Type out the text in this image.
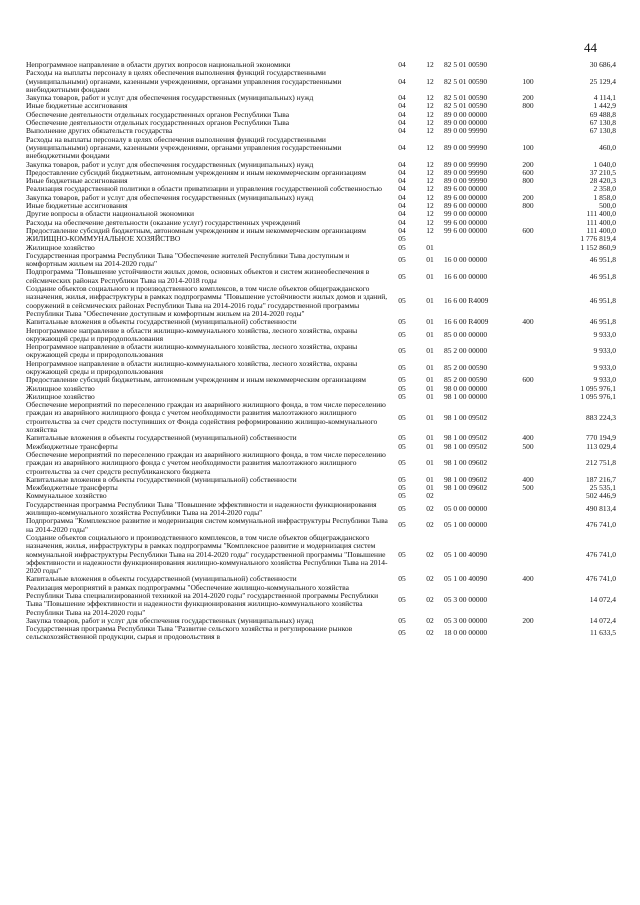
44
Непрограммное направление в области других вопросов национальной экономики	04	12	82 5 01 00590		30 686,4
Расходы на выплаты персоналу в целях обеспечения выполнения функций государственными (муниципальными) органами, казенными учреждениями, органами управления государственными внебюджетными фондами	04	12	82 5 01 00590	100	25 129,4
Закупка товаров, работ и услуг для обеспечения государственных (муниципальных) нужд	04	12	82 5 01 00590	200	4 114,1
Иные бюджетные ассигнования	04	12	82 5 01 00590	800	1 442,9
Обеспечение деятельности отдельных государственных органов Республики Тыва	04	12	89 0 00 00000		69 488,8
Обеспечение деятельности отдельных государственных органов Республики Тыва	04	12	89 0 00 00000		67 130,8
Выполнение других обязательств государства	04	12	89 0 00 99990		67 130,8
Расходы на выплаты персоналу в целях обеспечения выполнения функций государственными (муниципальными) органами, казенными учреждениями, органами управления государственными внебюджетными фондами	04	12	89 0 00 99990	100	460,0
Закупка товаров, работ и услуг для обеспечения государственных (муниципальных) нужд	04	12	89 0 00 99990	200	1 040,0
Предоставление субсидий бюджетным, автономным учреждениям и иным некоммерческим организациям	04	12	89 0 00 99990	600	37 210,5
Иные бюджетные ассигнования	04	12	89 0 00 99990	800	28 420,3
Реализация государственной политики в области приватизации и управления государственной собственностью	04	12	89 6 00 00000		2 358,0
Закупка товаров, работ и услуг для обеспечения государственных (муниципальных) нужд	04	12	89 6 00 00000	200	1 858,0
Иные бюджетные ассигнования	04	12	89 6 00 00000	800	500,0
Другие вопросы в области национальной экономики	04	12	99 0 00 00000		111 400,0
Расходы на обеспечение деятельности (оказание услуг) государственных учреждений	04	12	99 6 00 00000		111 400,0
Предоставление субсидий бюджетным, автономным учреждениям и иным некоммерческим организациям	04	12	99 6 00 00000	600	111 400,0
ЖИЛИЩНО-КОММУНАЛЬНОЕ ХОЗЯЙСТВО	05				1 776 819,4
Жилищное хозяйство	05	01			1 152 860,9
Государственная программа Республики Тыва "Обеспечение жителей Республики Тыва доступным и комфортным жильем на 2014-2020 годы"	05	01	16 0 00 00000		46 951,8
Подпрограмма "Повышение устойчивости жилых домов, основных объектов и систем жизнеобеспечения в сейсмических районах Республики Тыва на 2014-2018 годы	05	01	16 6 00 00000		46 951,8
Создание объектов социального и производственного комплексов, в том числе объектов общегражданского назначения, жилья, инфраструктуры в рамках подпрограммы "Повышение устойчивости жилых домов и зданий, сооружений в сейсмических районах Республики Тыва на 2014-2016 годы" государственной программы Республики Тыва "Обеспечение доступным и комфортным жильем на 2014-2020 годы"	05	01	16 6 00 R4009		46 951,8
Капитальные вложения в объекты государственной (муниципальной) собственности	05	01	16 6 00 R4009	400	46 951,8
Непрограммное направление в области жилищно-коммунального хозяйства, лесного хозяйства, охраны окружающей среды и природопользования	05	01	85 0 00 00000		9 933,0
Непрограммное направление в области жилищно-коммунального хозяйства, лесного хозяйства, охраны окружающей среды и природопользования	05	01	85 2 00 00000		9 933,0
Непрограммное направление в области жилищно-коммунального хозяйства, лесного хозяйства, охраны окружающей среды и природопользования	05	01	85 2 00 00590		9 933,0
Предоставление субсидий бюджетным, автономным учреждениям и иным некоммерческим организациям	05	01	85 2 00 00590	600	9 933,0
Жилищное хозяйство	05	01	98 0 00 00000		1 095 976,1
Жилищное хозяйство	05	01	98 1 00 00000		1 095 976,1
Обеспечение мероприятий по переселению граждан из аварийного жилищного фонда, в том числе переселению граждан из аварийного жилищного фонда с учетом необходимости развития малоэтажного жилищного строительства за счет средств поступивших от Фонда содействия реформированию жилищно-коммунального хозяйства	05	01	98 1 00 09502		883 224,3
Капитальные вложения в объекты государственной (муниципальной) собственности	05	01	98 1 00 09502	400	770 194,9
Межбюджетные трансферты	05	01	98 1 00 09502	500	113 029,4
Обеспечение мероприятий по переселению граждан из аварийного жилищного фонда, в том числе переселению граждан из аварийного жилищного фонда с учетом необходимости развития малоэтажного жилищного строительства за счет средств республиканского бюджета	05	01	98 1 00 09602		212 751,8
Капитальные вложения в объекты государственной (муниципальной) собственности	05	01	98 1 00 09602	400	187 216,7
Межбюджетные трансферты	05	01	98 1 00 09602	500	25 535,1
Коммунальное хозяйство	05	02			502 446,9
Государственная программа Республики Тыва "Повышение эффективности и надежности функционирования жилищно-коммунального хозяйства Республики Тыва на 2014-2020 годы"	05	02	05 0 00 00000		490 813,4
Подпрограмма "Комплексное развитие и модернизация систем коммунальной инфраструктуры Республики Тыва на 2014-2020 годы"	05	02	05 1 00 00000		476 741,0
Создание объектов социального и производственного комплексов, в том числе объектов общегражданского назначения, жилья, инфраструктуры в рамках подпрограммы "Комплексное развитие и модернизация систем коммунальной инфраструктуры Республики Тыва на 2014-2020 годы" государственной программы "Повышение эффективности и надежности функционирования жилищно-коммунального хозяйства Республики Тыва на 2014-2020 годы"	05	02	05 1 00 40090		476 741,0
Капитальные вложения в объекты государственной (муниципальной) собственности	05	02	05 1 00 40090	400	476 741,0
Реализация мероприятий в рамках подпрограммы "Обеспечение жилищно-коммунального хозяйства Республики Тыва специализированной техникой на 2014-2020 годы" государственной программы Республики Тыва "Повышение эффективности и надежности функционирования жилищно-коммунального хозяйства Республики Тыва на 2014-2020 годы"	05	02	05 3 00 00000		14 072,4
Закупка товаров, работ и услуг для обеспечения государственных (муниципальных) нужд	05	02	05 3 00 00000	200	14 072,4
Государственная программа Республики Тыва "Развитие сельского хозяйства и регулирование рынков сельскохозяйственной продукции, сырья и продовольствия в	05	02	18 0 00 00000		11 633,5
